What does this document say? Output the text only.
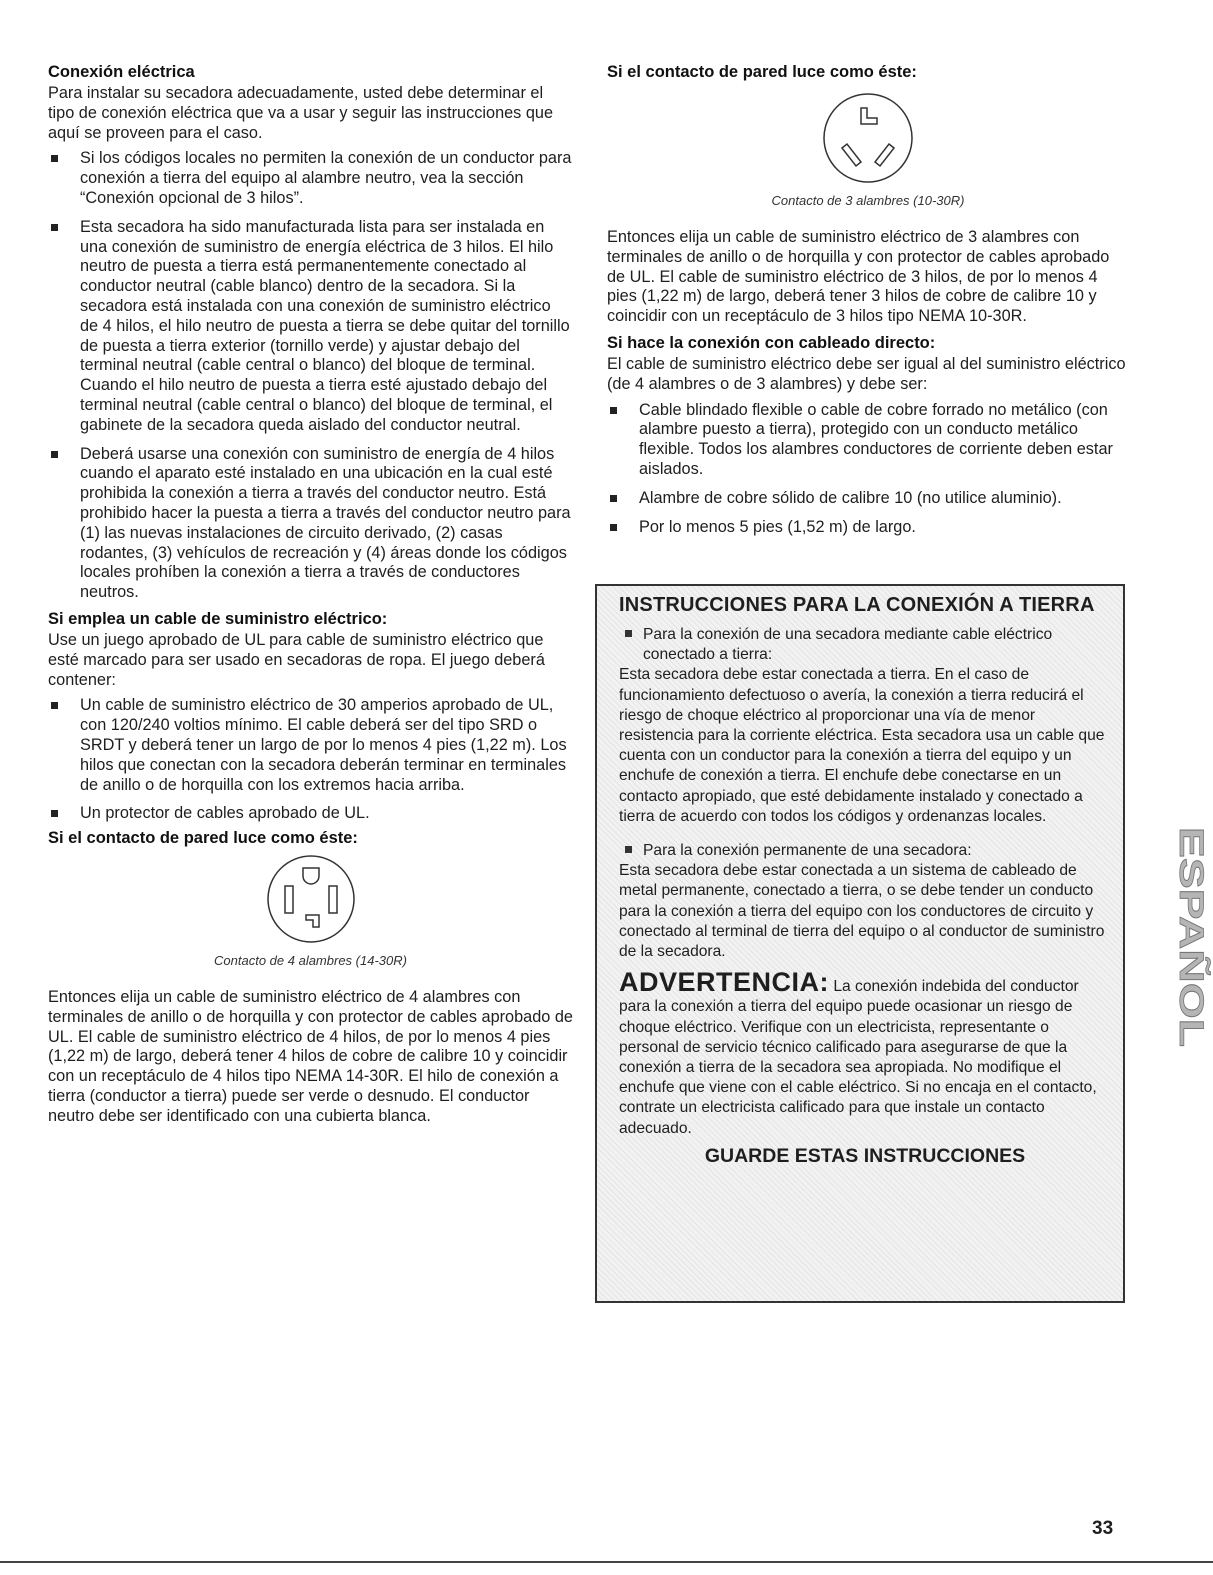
Conexión eléctrica

Para instalar su secadora adecuadamente, usted debe determinar el tipo de conexión eléctrica que va a usar y seguir las instrucciones que aquí se proveen para el caso.

Si los códigos locales no permiten la conexión de un conductor para conexión a tierra del equipo al alambre neutro, vea la sección “Conexión opcional de 3 hilos”.
Esta secadora ha sido manufacturada lista para ser instalada en una conexión de suministro de energía eléctrica de 3 hilos. El hilo neutro de puesta a tierra está permanentemente conectado al conductor neutral (cable blanco) dentro de la secadora. Si la secadora está instalada con una conexión de suministro eléctrico de 4 hilos, el hilo neutro de puesta a tierra se debe quitar del tornillo de puesta a tierra exterior (tornillo verde) y ajustar debajo del terminal neutral (cable central o blanco) del bloque de terminal. Cuando el hilo neutro de puesta a tierra esté ajustado debajo del terminal neutral (cable central o blanco) del bloque de terminal, el gabinete de la secadora queda aislado del conductor neutral.
Deberá usarse una conexión con suministro de energía de 4 hilos cuando el aparato esté instalado en una ubicación en la cual esté prohibida la conexión a tierra a través del conductor neutro. Está prohibido hacer la puesta a tierra a través del conductor neutro para (1) las nuevas instalaciones de circuito derivado, (2) casas rodantes, (3) vehículos de recreación y (4) áreas donde los códigos locales prohíben la conexión a tierra a través de conductores neutros.
Si emplea un cable de suministro eléctrico:

Use un juego aprobado de UL para cable de suministro eléctrico que esté marcado para ser usado en secadoras de ropa. El juego deberá contener:

Un cable de suministro eléctrico de 30 amperios aprobado de UL, con 120/240 voltios mínimo. El cable deberá ser del tipo SRD o SRDT y deberá tener un largo de por lo menos 4 pies (1,22 m). Los hilos que conectan con la secadora deberán terminar en terminales de anillo o de horquilla con los extremos hacia arriba.
Un protector de cables aprobado de UL.
Si el contacto de pared luce como éste:
Contacto de 4 alambres (14-30R)

Entonces elija un cable de suministro eléctrico de 4 alambres con terminales de anillo o de horquilla y con protector de cables aprobado de UL. El cable de suministro eléctrico de 4 hilos, de por lo menos 4 pies (1,22 m) de largo, deberá tener 4 hilos de cobre de calibre 10 y coincidir con un receptáculo de 4 hilos tipo NEMA 14-30R. El hilo de conexión a tierra (conductor a tierra) puede ser verde o desnudo. El conductor neutro debe ser identificado con una cubierta blanca.

Si el contacto de pared luce como éste:
Contacto de 3 alambres (10-30R)

Entonces elija un cable de suministro eléctrico de 3 alambres con terminales de anillo o de horquilla y con protector de cables aprobado de UL. El cable de suministro eléctrico de 3 hilos, de por lo menos 4 pies (1,22 m) de largo, deberá tener 3 hilos de cobre de calibre 10 y coincidir con un receptáculo de 3 hilos tipo NEMA 10-30R.

Si hace la conexión con cableado directo:

El cable de suministro eléctrico debe ser igual al del suministro eléctrico (de 4 alambres o de 3 alambres) y debe ser:

Cable blindado flexible o cable de cobre forrado no metálico (con alambre puesto a tierra), protegido con un conducto metálico flexible. Todos los alambres conductores de corriente deben estar aislados.
Alambre de cobre sólido de calibre 10 (no utilice aluminio).
Por lo menos 5 pies (1,52 m) de largo.
INSTRUCCIONES PARA LA CONEXIÓN A TIERRA

Para la conexión de una secadora mediante cable eléctrico conectado a tierra:

Esta secadora debe estar conectada a tierra. En el caso de funcionamiento defectuoso o avería, la conexión a tierra reducirá el riesgo de choque eléctrico al proporcionar una vía de menor resistencia para la corriente eléctrica. Esta secadora usa un cable que cuenta con un conductor para la conexión a tierra del equipo y un enchufe de conexión a tierra. El enchufe debe conectarse en un contacto apropiado, que esté debidamente instalado y conectado a tierra de acuerdo con todos los códigos y ordenanzas locales.

Para la conexión permanente de una secadora:

Esta secadora debe estar conectada a un sistema de cableado de metal permanente, conectado a tierra, o se debe tender un conducto para la conexión a tierra del equipo con los conductores de circuito y conectado al terminal de tierra del equipo o al conductor de suministro de la secadora.

ADVERTENCIA: La conexión indebida del conductor para la conexión a tierra del equipo puede ocasionar un riesgo de choque eléctrico. Verifique con un electricista, representante o personal de servicio técnico calificado para asegurarse de que la conexión a tierra de la secadora sea apropiada. No modifique el enchufe que viene con el cable eléctrico. Si no encaja en el contacto, contrate un electricista calificado para que instale un contacto adecuado.

GUARDE ESTAS INSTRUCCIONES
ESPAÑOL
33
